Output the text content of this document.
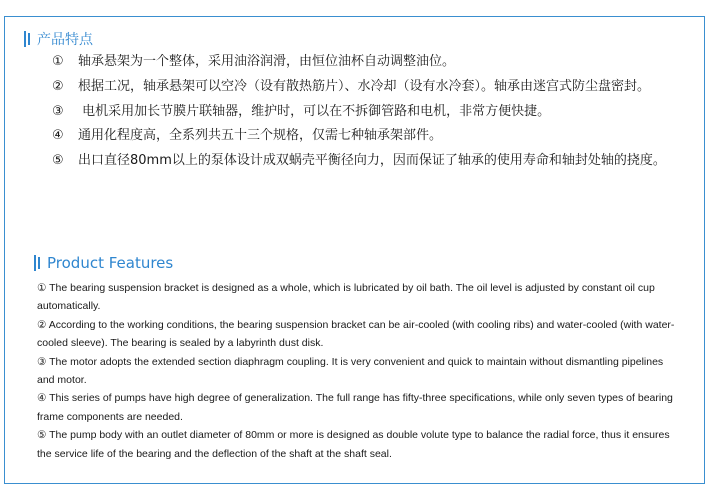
产品特点

① 轴承悬架为一个整体，采用油浴润滑，由恒位油杯自动调整油位。

② 根据工况，轴承悬架可以空冷（设有散热筋片）、水冷却（设有水冷套）。轴承由迷宫式防尘盘密封。

③ 电机采用加长节膜片联轴器，维护时，可以在不拆御管路和电机，非常方便快捷。

④ 通用化程度高，全系列共五十三个规格，仅需七种轴承架部件。

⑤ 出口直径80mm以上的泵体设计成双蜗壳平衡径向力，因而保证了轴承的使用寿命和轴封处轴的挠度。

Product Features

① The bearing suspension bracket is designed as a whole, which is lubricated by oil bath. The oil level is adjusted by constant oil cup automatically.

② According to the working conditions, the bearing suspension bracket can be air-cooled (with cooling ribs) and water-cooled (with water-cooled sleeve). The bearing is sealed by a labyrinth dust disk.

③ The motor adopts the extended section diaphragm coupling. It is very convenient and quick to maintain without dismantling pipelines and motor.

④ This series of pumps have high degree of generalization. The full range has fifty-three specifications, while only seven types of bearing frame components are needed.

⑤ The pump body with an outlet diameter of 80mm or more is designed as double volute type to balance the radial force, thus it ensures the service life of the bearing and the deflection of the shaft at the shaft seal.
